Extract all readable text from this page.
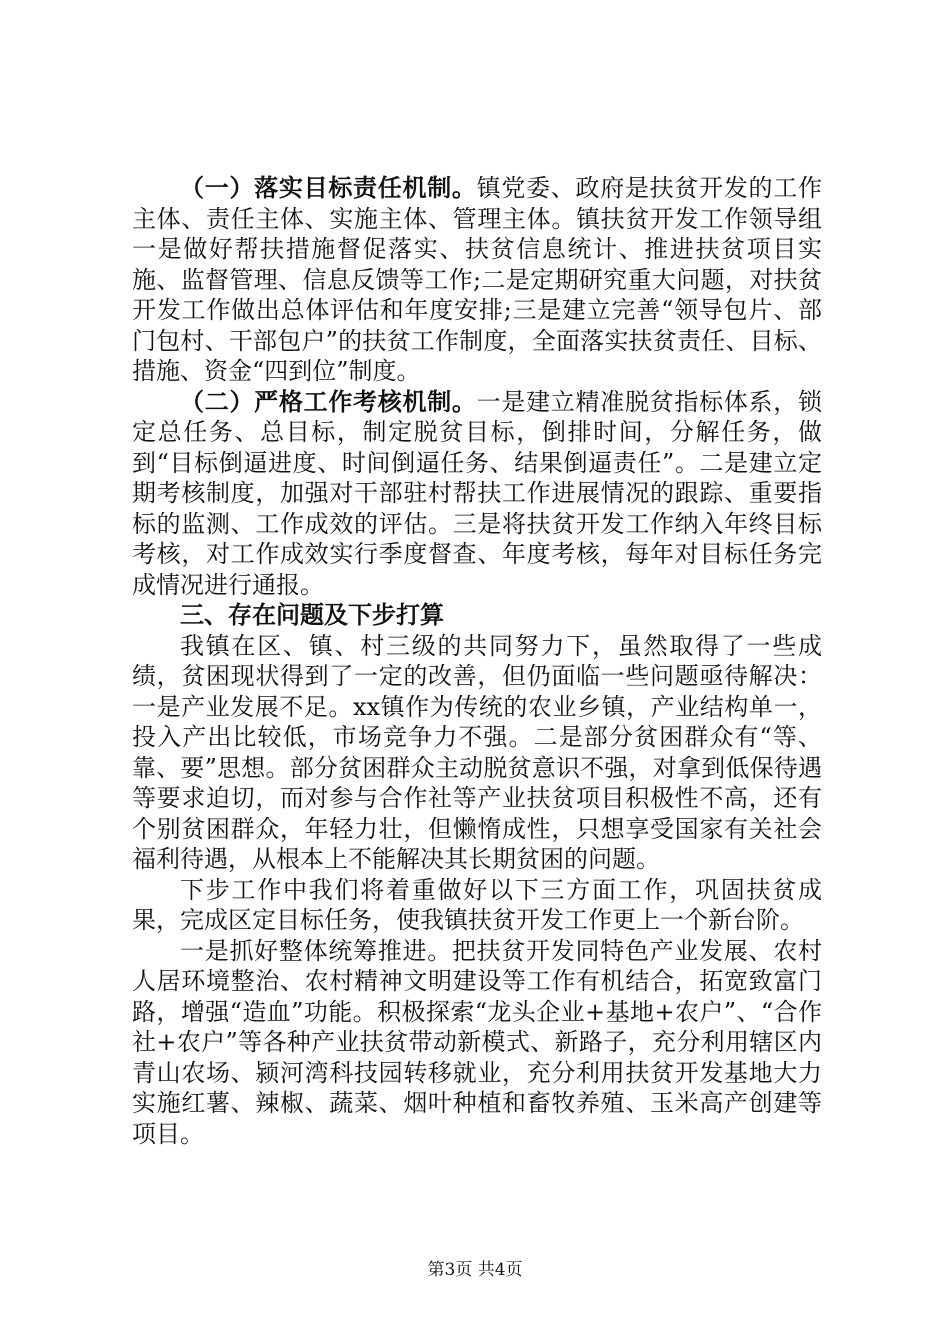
（一）落实目标责任机制。镇党委、政府是扶贫开发的工作主体、责任主体、实施主体、管理主体。镇扶贫开发工作领导组一是做好帮扶措施督促落实、扶贫信息统计、推进扶贫项目实施、监督管理、信息反馈等工作;二是定期研究重大问题，对扶贫开发工作做出总体评估和年度安排;三是建立完善“领导包片、部门包村、干部包户”的扶贫工作制度，全面落实扶贫责任、目标、措施、资金“四到位”制度。

（二）严格工作考核机制。一是建立精准脱贫指标体系，锁定总任务、总目标，制定脱贫目标，倒排时间，分解任务，做到“目标倒逼进度、时间倒逼任务、结果倒逼责任”。二是建立定期考核制度，加强对干部驻村帮扶工作进展情况的跟踪、重要指标的监测、工作成效的评估。三是将扶贫开发工作纳入年终目标考核，对工作成效实行季度督查、年度考核，每年对目标任务完成情况进行通报。

三、存在问题及下步打算

我镇在区、镇、村三级的共同努力下，虽然取得了一些成绩，贫困现状得到了一定的改善，但仍面临一些问题亟待解决：一是产业发展不足。xx镇作为传统的农业乡镇，产业结构单一，投入产出比较低，市场竞争力不强。二是部分贫困群众有“等、靠、要”思想。部分贫困群众主动脱贫意识不强，对拿到低保待遇等要求迫切，而对参与合作社等产业扶贫项目积极性不高，还有个别贫困群众，年轻力壮，但懒惰成性，只想享受国家有关社会福利待遇，从根本上不能解决其长期贫困的问题。

下步工作中我们将着重做好以下三方面工作，巩固扶贫成果，完成区定目标任务，使我镇扶贫开发工作更上一个新台阶。

一是抓好整体统筹推进。把扶贫开发同特色产业发展、农村人居环境整治、农村精神文明建设等工作有机结合，拓宽致富门路，增强“造血”功能。积极探索“龙头企业+基地+农户”、“合作社+农户”等各种产业扶贫带动新模式、新路子，充分利用辖区内青山农场、颍河湾科技园转移就业，充分利用扶贫开发基地大力实施红薯、辣椒、蔬菜、烟叶种植和畜牧养殖、玉米高产创建等项目。

第3页 共4页
